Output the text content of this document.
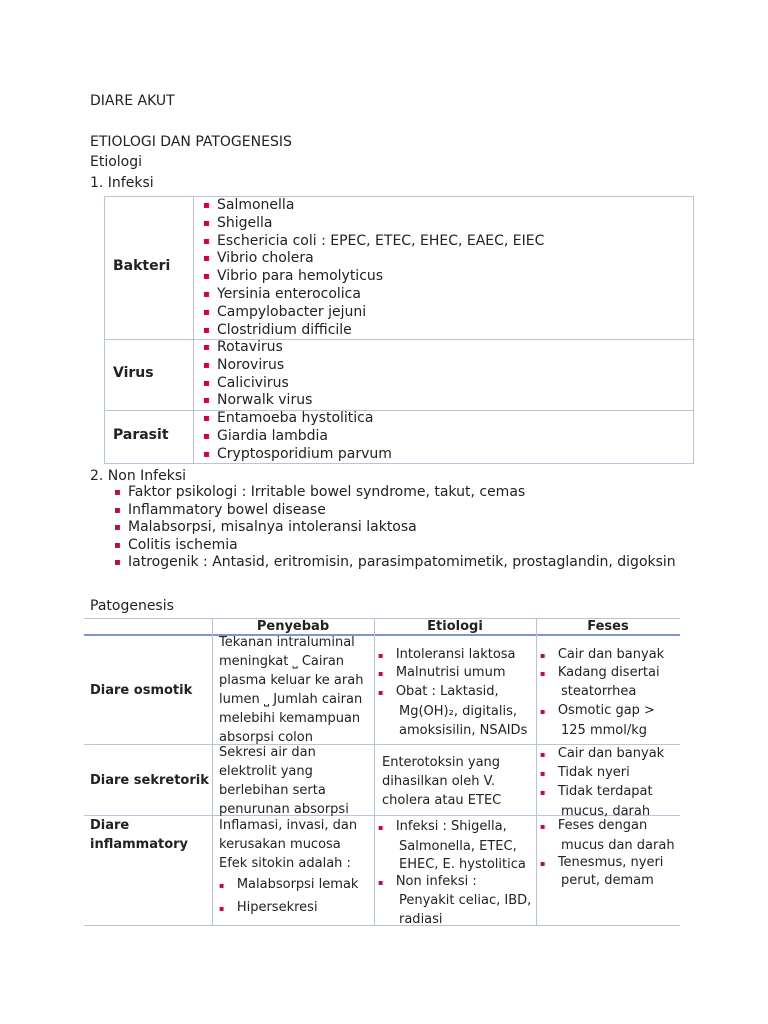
DIARE AKUT
ETIOLOGI DAN PATOGENESIS
Etiologi
1. Infeksi
Bakteri
▪ Salmonella
▪ Shigella
▪ Eschericia coli : EPEC, ETEC, EHEC, EAEC, EIEC
▪ Vibrio cholera
▪ Vibrio para hemolyticus
▪ Yersinia enterocolica
▪ Campylobacter jejuni
▪ Clostridium difficile
Virus
▪ Rotavirus
▪ Norovirus
▪ Calicivirus
▪ Norwalk virus
Parasit
▪ Entamoeba hystolitica
▪ Giardia lambdia
▪ Cryptosporidium parvum
2. Non Infeksi
▪ Faktor psikologi : Irritable bowel syndrome, takut, cemas
▪ Inflammatory bowel disease
▪ Malabsorpsi, misalnya intoleransi laktosa
▪ Colitis ischemia
▪ Iatrogenik : Antasid, eritromisin, parasimpatomimetik, prostaglandin, digoksin
Patogenesis
Penyebab	Etiologi	Feses
Diare osmotik
Tekanan intraluminal
meningkat ⎵ Cairan
plasma keluar ke arah
lumen ⎵ Jumlah cairan
melebihi kemampuan
absorpsi colon
▪ Intoleransi laktosa
▪ Malnutrisi umum
▪ Obat : Laktasid,
Mg(OH)₂, digitalis,
amoksisilin, NSAIDs
▪ Cair dan banyak
▪ Kadang disertai
steatorrhea
▪ Osmotic gap >
125 mmol/kg
Diare sekretorik
Sekresi air dan
elektrolit yang
berlebihan serta
penurunan absorpsi
Enterotoksin yang
dihasilkan oleh V.
cholera atau ETEC
▪ Cair dan banyak
▪ Tidak nyeri
▪ Tidak terdapat
mucus, darah
Diare
inflammatory
Inflamasi, invasi, dan
kerusakan mucosa
Efek sitokin adalah :
▪ Malabsorpsi lemak
▪ Hipersekresi
▪ Infeksi : Shigella,
Salmonella, ETEC,
EHEC, E. hystolitica
▪ Non infeksi :
Penyakit celiac, IBD,
radiasi
▪ Feses dengan
mucus dan darah
▪ Tenesmus, nyeri
perut, demam
